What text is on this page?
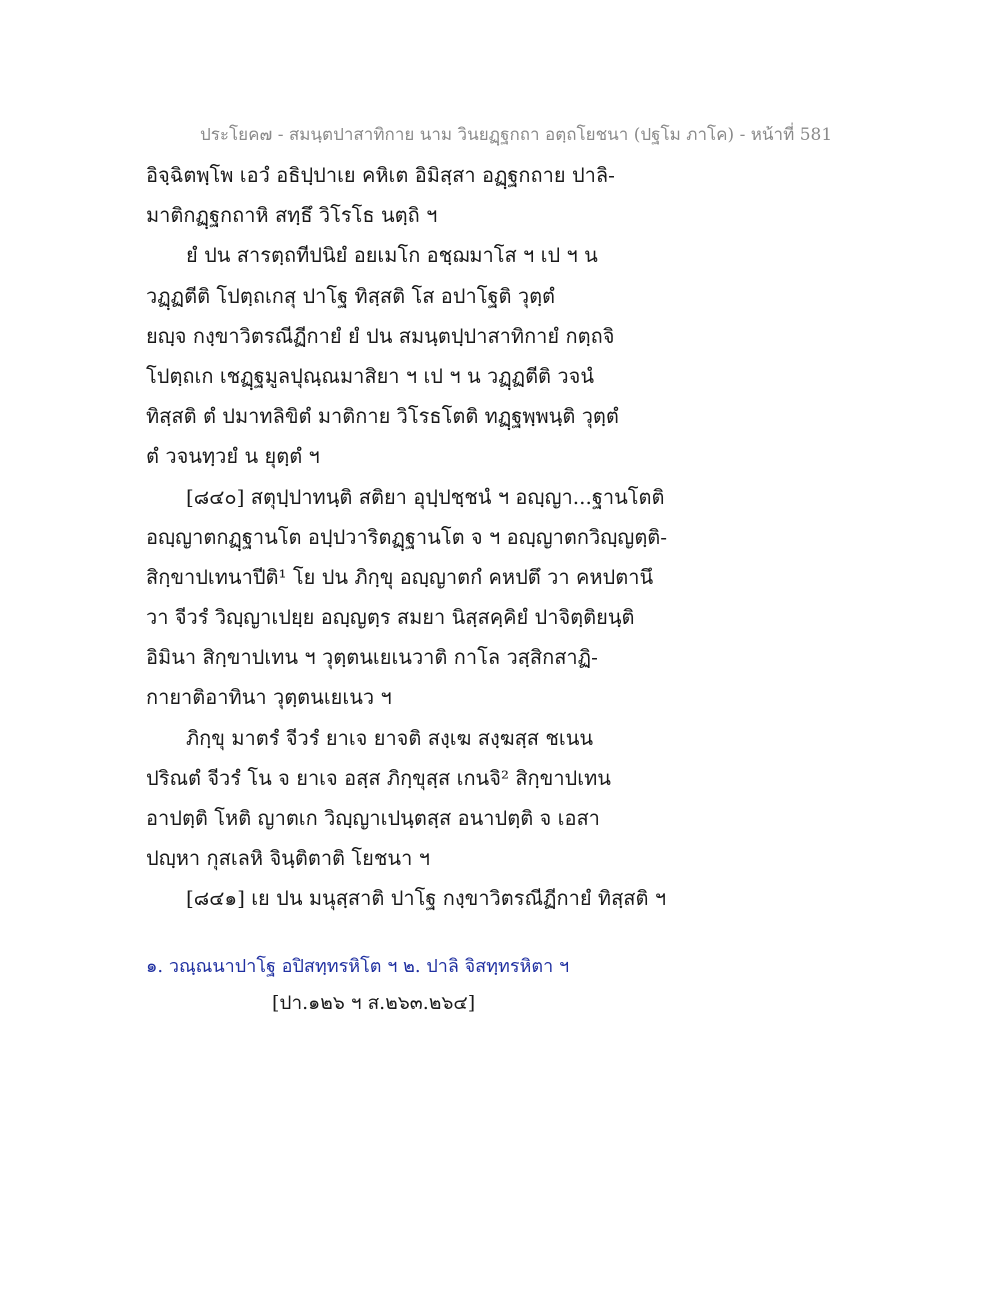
ประโยค๗ - สมนฺตปาสาทิกาย นาม วินยฏฺฐกถา อตฺถโยชนา (ปฐโม ภาโค) - หน้าที่ 581
อิจฺฉิตพฺโพ เอวํ อธิปฺปาเย คหิเต อิมิสฺสา อฏฺฐกถาย ปาลิ-
มาติกฏฺฐกถาหิ สทฺธึ วิโรโธ นตฺถิ ฯ
ยํ ปน สารตฺถทีปนิยํ อยเมโก อชฺฌมาโส ฯ เป ฯ น
วฏฺฏตีติ โปตฺถเกสุ ปาโฐ ทิสฺสติ โส อปาโฐติ วุตฺตํ
ยญฺจ กงฺขาวิตรณีฏีกายํ ยํ ปน สมนฺตปฺปาสาทิกายํ กตฺถจิ
โปตฺถเก เชฏฺฐมูลปุณฺณมาสิยา ฯ เป ฯ น วฏฺฏตีติ วจนํ
ทิสฺสติ ตํ ปมาทลิขิตํ มาติกาย วิโรธโตติ ทฏฺฐพฺพนฺติ วุตฺตํ
ตํ วจนทฺวยํ น ยุตฺตํ ฯ
[๘๔๐] สตุปฺปาทนฺติ สติยา อุปฺปชฺชนํ ฯ อญฺญา...ฐานโตติ
อญฺญาตกฏฺฐานโต อปฺปวาริตฏฺฐานโต จ ฯ อญฺญาตกวิญฺญตฺติ-
สิกฺขาปเทนาปีติ¹ โย ปน ภิกฺขุ อญฺญาตกํ คหปตึ วา คหปตานึ
วา จีวรํ วิญฺญาเปยฺย อญฺญตฺร สมยา นิสฺสคฺคิยํ ปาจิตฺติยนฺติ
อิมินา สิกฺขาปเทน ฯ วุตฺตนเยเนวาติ กาโล วสฺสิกสาฏิ-
กายาติอาทินา วุตฺตนเยเนว ฯ
ภิกฺขุ มาตรํ จีวรํ ยาเจ ยาจติ สงฺเฆ สงฺฆสฺส ชเนน
ปริณตํ จีวรํ โน จ ยาเจ อสฺส ภิกฺขุสฺส เกนจิ² สิกฺขาปเทน
อาปตฺติ โหติ ญาตเก วิญฺญาเปนฺตสฺส อนาปตฺติ จ เอสา
ปญฺหา กุสเลหิ จินฺติตาติ โยชนา ฯ
[๘๔๑] เย ปน มนุสฺสาติ ปาโฐ กงฺขาวิตรณีฏีกายํ ทิสฺสติ ฯ
๑. วณฺณนาปาโฐ อปิสทฺทรหิโต ฯ ๒. ปาลิ จิสทฺทรหิตา ฯ
[ปา.๑๒๖ ฯ ส.๒๖๓.๒๖๔]
